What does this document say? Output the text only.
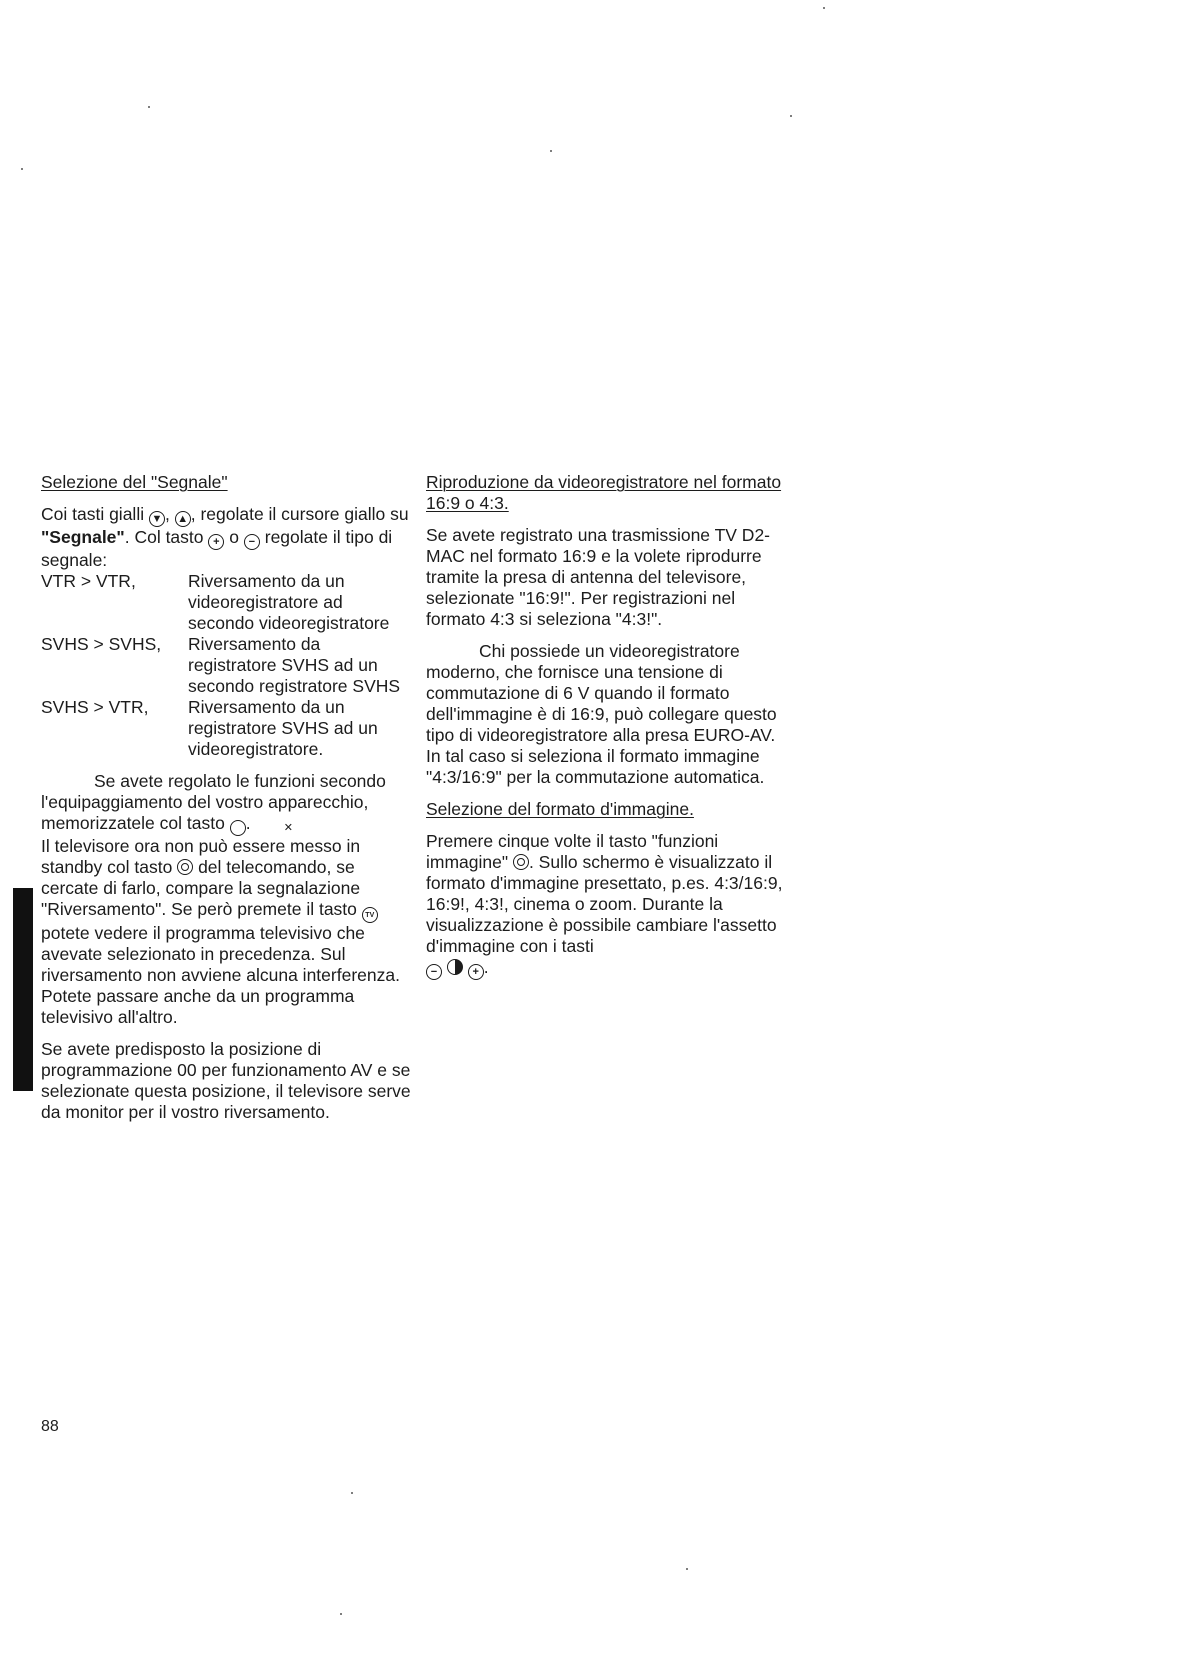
Selezione del "Segnale"

Coi tasti gialli ▼ , ▲ , regolate il cursore giallo su "Segnale". Col tasto + o − regolate il tipo di segnale:

VTR > VTR,	Riversamento da un videoregistratore ad secondo videoregistratore
SVHS > SVHS,	Riversamento da registratore SVHS ad un secondo registratore SVHS
SVHS > VTR,	Riversamento da un registratore SVHS ad un videoregistratore.

Se avete regolato le funzioni secondo l'equipaggiamento del vostro apparecchio, memorizzatele col tasto	✕.

Il televisore ora non può essere messo in standby col tasto del telecomando, se cercate di farlo, compare la segnalazione "Riversamento". Se però premete il tasto TV potete vedere il programma televisivo che avevate selezionato in precedenza. Sul riversamento non avviene alcuna interferenza. Potete passare anche da un programma televisivo all'altro.

Se avete predisposto la posizione di programmazione 00 per funzionamento AV e se selezionate questa posizione, il televisore serve da monitor per il vostro riversamento.

Riproduzione da videoregistratore nel formato 16:9 o 4:3.

Se avete registrato una trasmissione TV D2-MAC nel formato 16:9 e la volete riprodurre tramite la presa di antenna del televisore, selezionate "16:9!". Per registrazioni nel formato 4:3 si seleziona "4:3!".

Chi possiede un videoregistratore moderno, che fornisce una tensione di commutazione di 6 V quando il formato dell'immagine è di 16:9, può collegare questo tipo di videoregistratore alla presa EURO-AV. In tal caso si seleziona il formato immagine "4:3/16:9" per la commutazione automatica.

Selezione del formato d'immagine.

Premere cinque volte il tasto "funzioni immagine" . Sullo schermo è visualizzato il formato d'immagine presettato, p.es. 4:3/16:9, 16:9!, 4:3!, cinema o zoom. Durante la visualizzazione è possibile cambiare l'assetto d'immagine con i tasti
−	+ .

88
